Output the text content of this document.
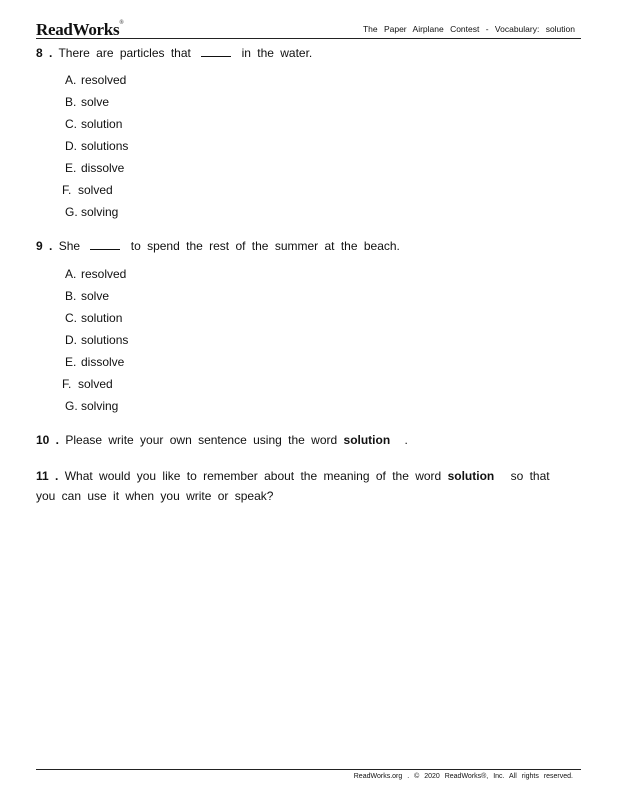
ReadWorks®
The Paper Airplane Contest - Vocabulary: solution
8 . There are particles that	in the water.
A. resolved
B. solve
C. solution
D. solutions
E. dissolve
F. solved
G. solving
9 . She	to spend the rest of the summer at the beach.
A. resolved
B. solve
C. solution
D. solutions
E. dissolve
F. solved
G. solving
10 . Please write your own sentence using the word solution .
11 . What would you like to remember about the meaning of the word solution so that
you can use it when you write or speak?
ReadWorks.org . © 2020 ReadWorks®, Inc. All rights reserved.
